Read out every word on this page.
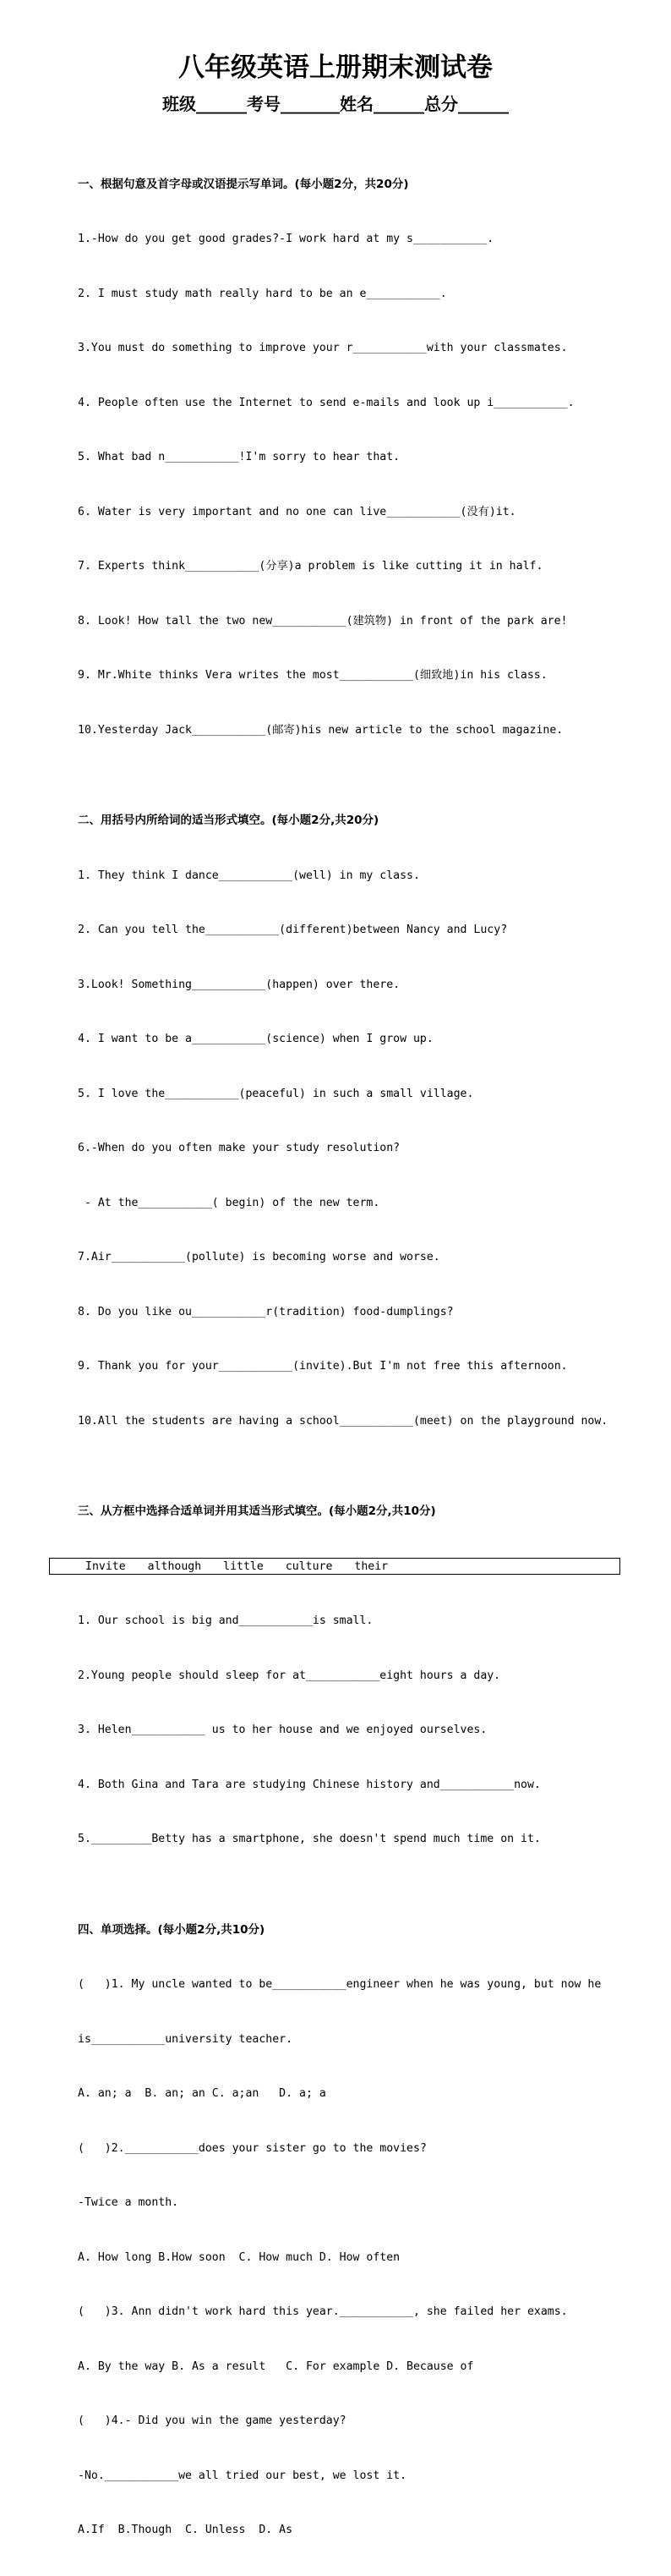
八年级英语上册期末测试卷
班级______考号_______姓名______总分______

一、根据句意及首字母或汉语提示写单词。(每小题2分，共20分)

1.-How do you get good grades?-I work hard at my s___________.

2. I must study math really hard to be an e___________.

3.You must do something to improve your r___________with your classmates.

4. People often use the Internet to send e-mails and look up i___________.

5. What bad n___________!I'm sorry to hear that.

6. Water is very important and no one can live___________(没有)it.

7. Experts think___________(分享)a problem is like cutting it in half.

8. Look! How tall the two new___________(建筑物) in front of the park are!

9. Mr.White thinks Vera writes the most___________(细致地)in his class.

10.Yesterday Jack___________(邮寄)his new article to the school magazine.

二、用括号内所给词的适当形式填空。(每小题2分,共20分)

1. They think I dance___________(well) in my class.

2. Can you tell the___________(different)between Nancy and Lucy?

3.Look! Something___________(happen) over there.

4. I want to be a___________(science) when I grow up.

5. I love the___________(peaceful) in such a small village.

6.-When do you often make your study resolution?

- At the___________( begin) of the new term.

7.Air___________(pollute) is becoming worse and worse.

8. Do you like ou___________r(tradition) food-dumplings?

9. Thank you for your___________(invite).But I'm not free this afternoon.

10.All the students are having a school___________(meet) on the playground now.

三、从方框中选择合适单词并用其适当形式填空。(每小题2分,共10分)

Invite although little culture their

1. Our school is big and___________is small.

2.Young people should sleep for at___________eight hours a day.

3. Helen___________ us to her house and we enjoyed ourselves.

4. Both Gina and Tara are studying Chinese history and___________now.

5._________Betty has a smartphone, she doesn't spend much time on it.

四、单项选择。(每小题2分,共10分)

(   )1. My uncle wanted to be___________engineer when he was young, but now he

is___________university teacher.

A. an; a  B. an; an C. a;an   D. a; a

(   )2.___________does your sister go to the movies?

-Twice a month.

A. How long B.How soon  C. How much D. How often

(   )3. Ann didn't work hard this year.___________, she failed her exams.

A. By the way B. As a result   C. For example D. Because of

(   )4.- Did you win the game yesterday?

-No.___________we all tried our best, we lost it.

A.If  B.Though  C. Unless  D. As
